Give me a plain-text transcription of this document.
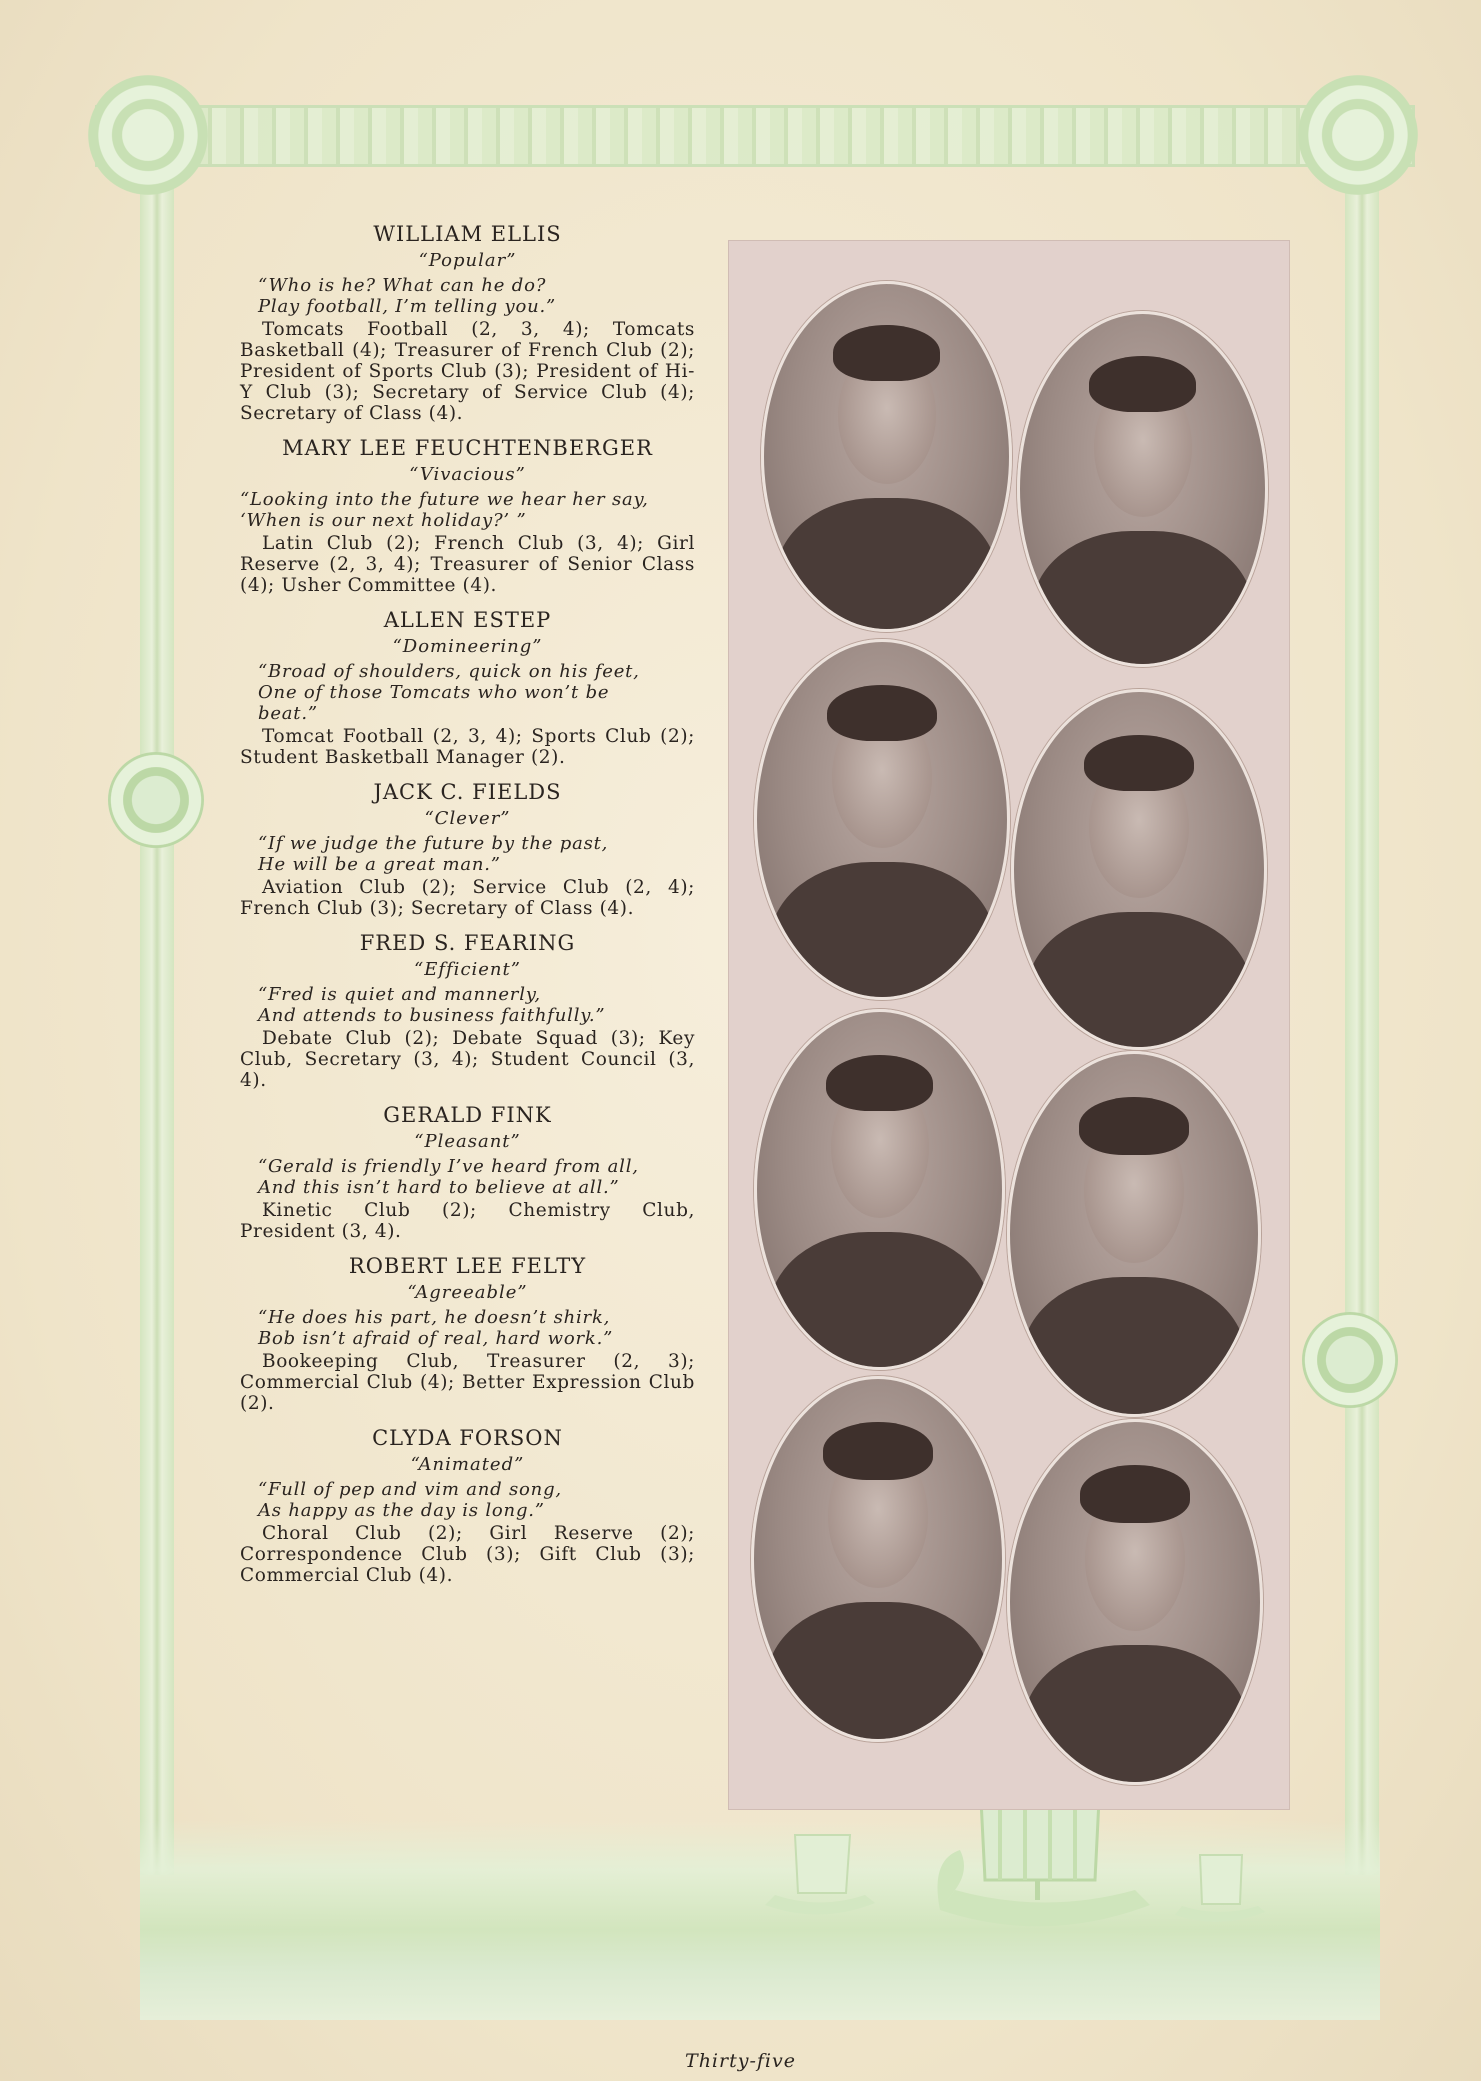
WILLIAM ELLIS

“Popular”

“Who is he? What can he do?
Play football, I’m telling you.”

Tomcats Football (2, 3, 4); Tomcats Basketball (4); Treasurer of French Club (2); President of Sports Club (3); President of Hi-Y Club (3); Secretary of Service Club (4); Secretary of Class (4).

MARY LEE FEUCHTENBERGER

“Vivacious”

“Looking into the future we hear her say,
‘When is our next holiday?’ ”

Latin Club (2); French Club (3, 4); Girl Reserve (2, 3, 4); Treasurer of Senior Class (4); Usher Committee (4).

ALLEN ESTEP

“Domineering”

“Broad of shoulders, quick on his feet,
One of those Tomcats who won’t be
beat.”

Tomcat Football (2, 3, 4); Sports Club (2); Student Basketball Manager (2).

JACK C. FIELDS

“Clever”

“If we judge the future by the past,
He will be a great man.”

Aviation Club (2); Service Club (2, 4); French Club (3); Secretary of Class (4).

FRED S. FEARING

“Efficient”

“Fred is quiet and mannerly,
And attends to business faithfully.”

Debate Club (2); Debate Squad (3); Key Club, Secretary (3, 4); Student Council (3, 4).

GERALD FINK

“Pleasant”

“Gerald is friendly I’ve heard from all,
And this isn’t hard to believe at all.”

Kinetic Club (2); Chemistry Club, President (3, 4).

ROBERT LEE FELTY

“Agreeable”

“He does his part, he doesn’t shirk,
Bob isn’t afraid of real, hard work.”

Bookeeping Club, Treasurer (2, 3); Commercial Club (4); Better Expression Club (2).

CLYDA FORSON

“Animated”

“Full of pep and vim and song,
As happy as the day is long.”

Choral Club (2); Girl Reserve (2); Correspondence Club (3); Gift Club (3); Commercial Club (4).

Thirty-five
